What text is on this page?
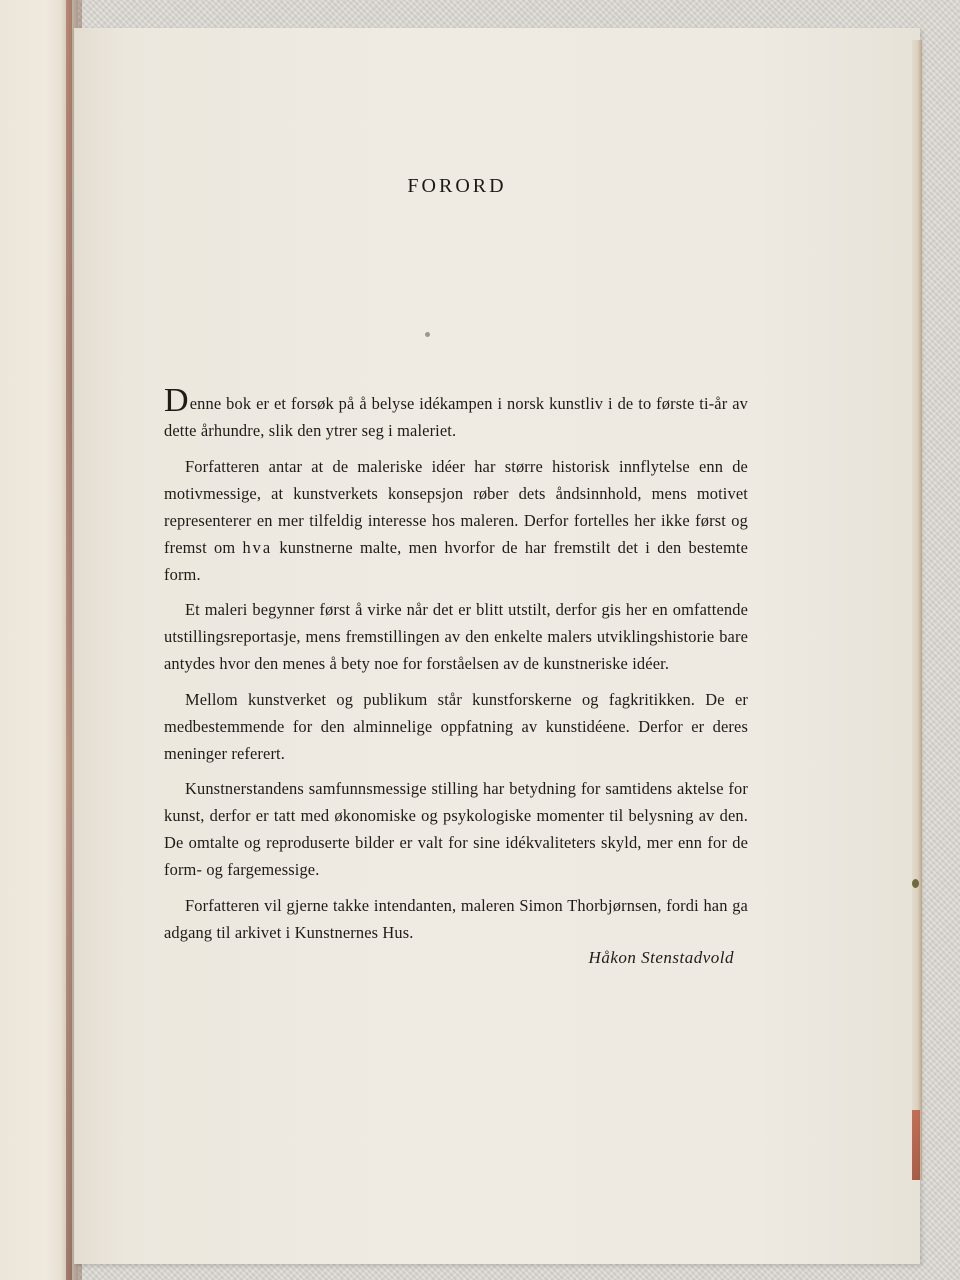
FORORD

Denne bok er et forsøk på å belyse idékampen i norsk kunstliv i de to første ti-år av dette århundre, slik den ytrer seg i maleriet.

Forfatteren antar at de maleriske idéer har større historisk innflytelse enn de motivmessige, at kunstverkets konsepsjon røber dets åndsinnhold, mens motivet representerer en mer tilfeldig interesse hos maleren. Derfor fortelles her ikke først og fremst om hva kunstnerne malte, men hvorfor de har fremstilt det i den bestemte form.

Et maleri begynner først å virke når det er blitt utstilt, derfor gis her en omfattende utstillingsreportasje, mens fremstillingen av den enkelte malers utviklingshistorie bare antydes hvor den menes å bety noe for forståelsen av de kunstneriske idéer.

Mellom kunstverket og publikum står kunstforskerne og fagkritikken. De er medbestemmende for den alminnelige oppfatning av kunstidéene. Derfor er deres meninger referert.

Kunstnerstandens samfunnsmessige stilling har betydning for samtidens aktelse for kunst, derfor er tatt med økonomiske og psykologiske momenter til belysning av den. De omtalte og reproduserte bilder er valt for sine idékvaliteters skyld, mer enn for de form- og fargemessige.

Forfatteren vil gjerne takke intendanten, maleren Simon Thorbjørnsen, fordi han ga adgang til arkivet i Kunstnernes Hus.

Håkon Stenstadvold
